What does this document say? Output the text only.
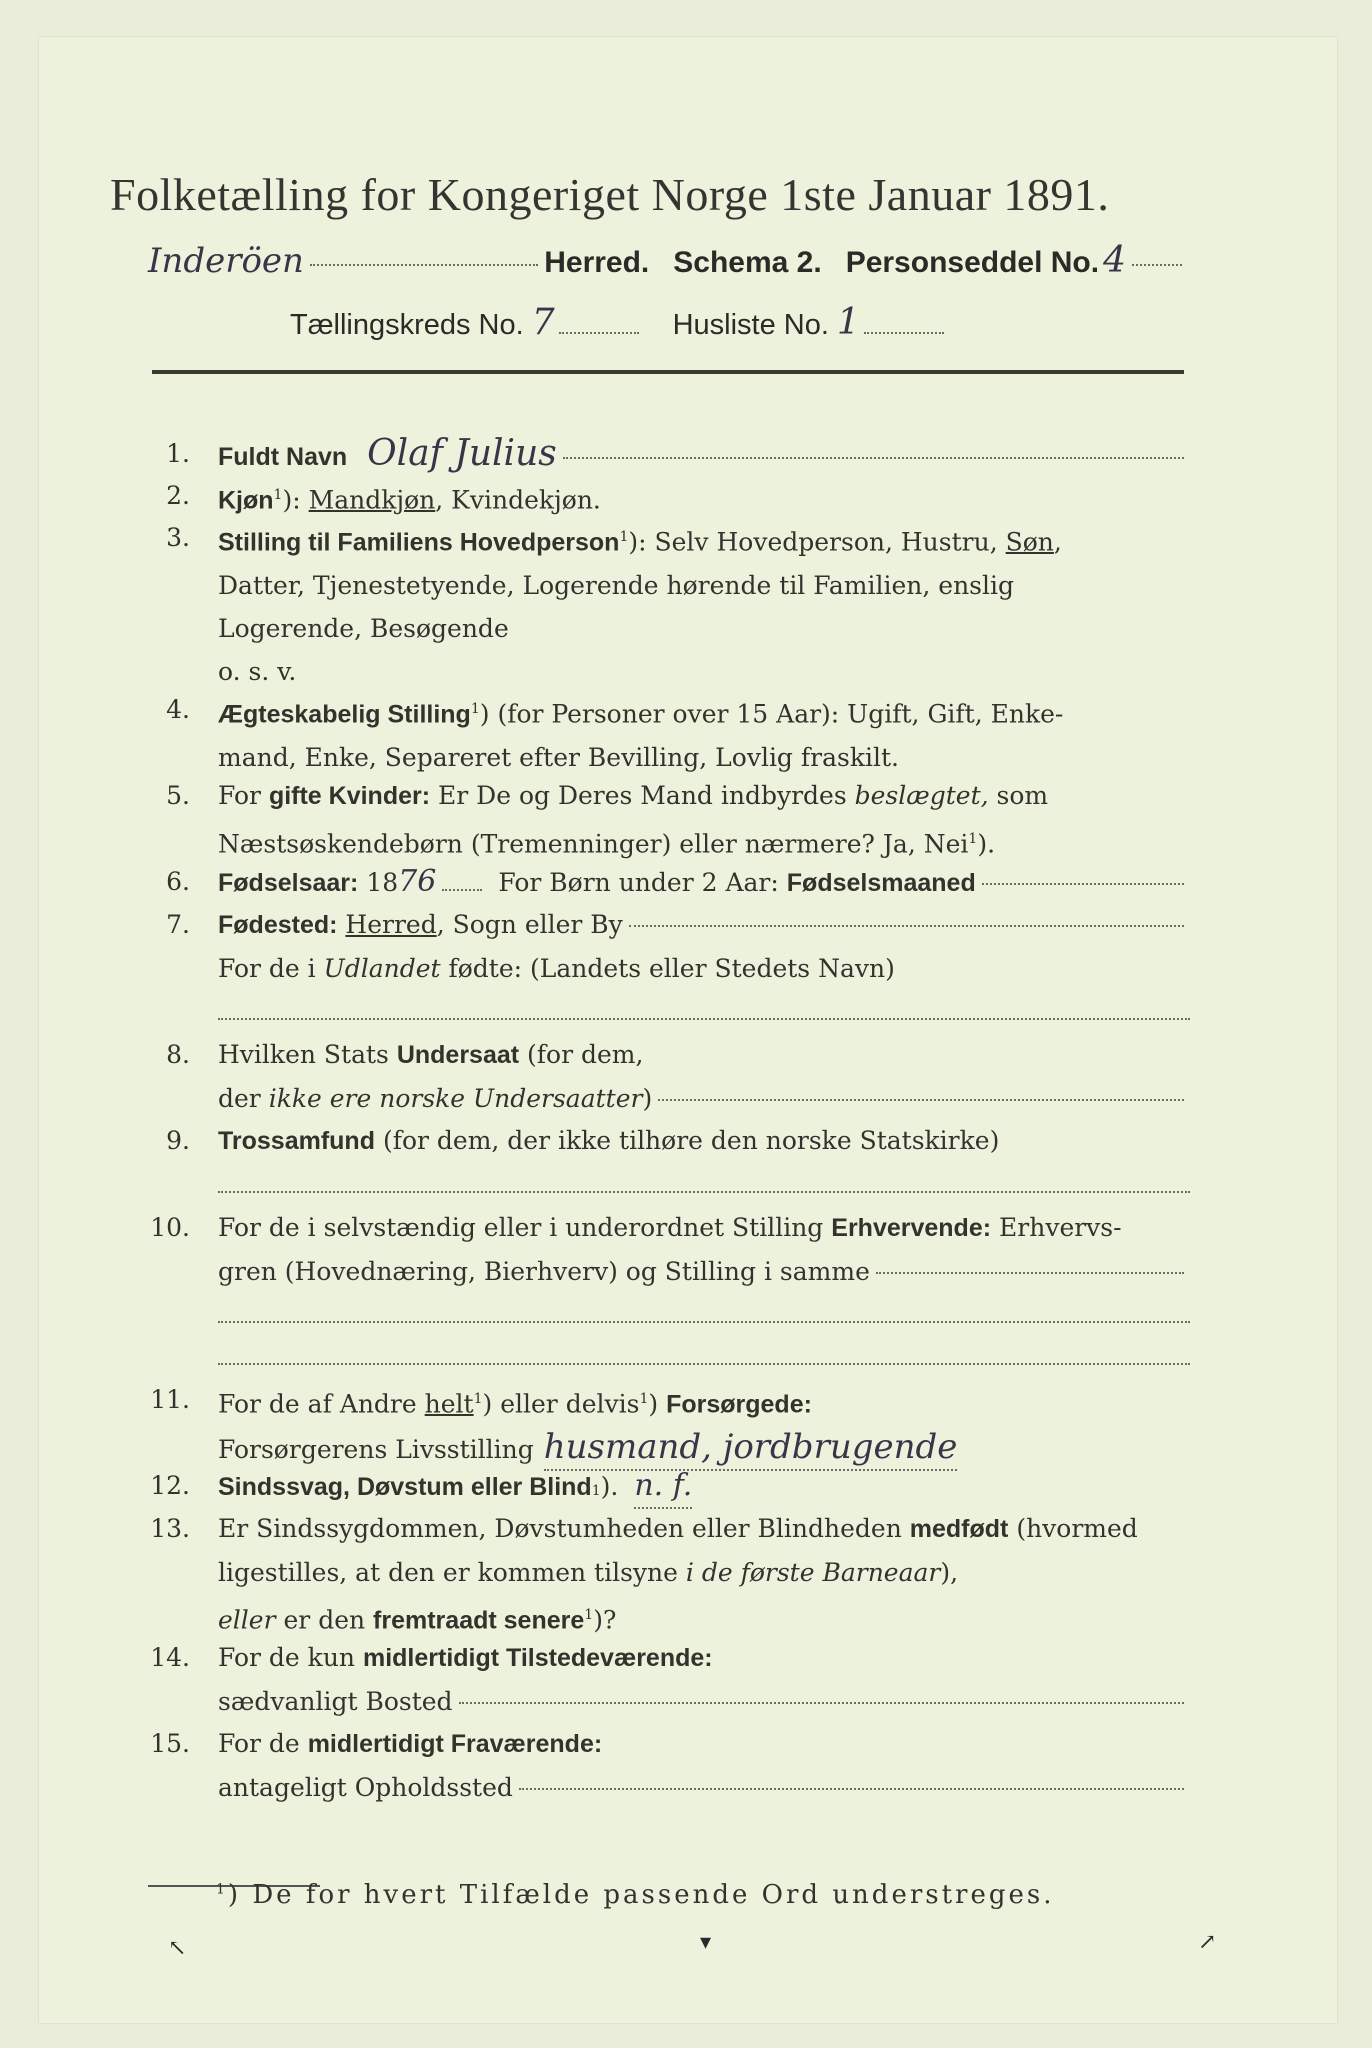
Folketælling for Kongeriget Norge 1ste Januar 1891.
Inderöen	Herred. Schema 2. Personseddel No. 4
Tællingskreds No. 7	Husliste No. 1
1. Fuldt Navn Olaf Julius
2. Kjøn$^1$): Mandkjøn, Kvindekjøn.
3. Stilling til Familiens Hovedperson$^1$): Selv Hovedperson, Hustru, Søn,
Datter, Tjenestetyende, Logerende hørende til Familien, enslig
Logerende, Besøgende
o. s. v.
4. Ægteskabelig Stilling$^1$) (for Personer over 15 Aar): Ugift, Gift, Enke-
mand, Enke, Separeret efter Bevilling, Lovlig fraskilt.
5. For gifte Kvinder: Er De og Deres Mand indbyrdes beslægtet, som
Næstsøskendebørn (Tremenninger) eller nærmere? Ja, Nei$^1$).
6. Fødselsaar: 18 76 For Børn under 2 Aar: Fødselsmaaned
7. Fødested:
Herred , Sogn eller By
For de i Udlandet fødte: (Landets eller Stedets Navn)
8. Hvilken Stats Undersaat (for dem,
der
ikke ere norske Undersaatter )
9. Trossamfund (for dem, der ikke tilhøre den norske Statskirke)
10. For de i selvstændig eller i underordnet Stilling Erhvervende: Erhvervs-
gren (Hovednæring, Bierhverv) og Stilling i samme
11. For de af Andre helt$^1$) eller delvis$^1$) Forsørgede:
Forsørgerens Livsstilling husmand, jordbrugende
12. Sindssvag, Døvstum eller Blind 1 ). n. f.
13. Er Sindssygdommen, Døvstumheden eller Blindheden medfødt (hvormed
ligestilles, at den er kommen tilsyne i de første Barneaar),
eller er den fremtraadt senere$^1$)?
14. For de kun midlertidigt Tilstedeværende:
sædvanligt Bosted
15. For de midlertidigt Fraværende:
antageligt Opholdssted
$^1$) De for hvert Tilfælde passende Ord understreges.
↖	▾	↗
